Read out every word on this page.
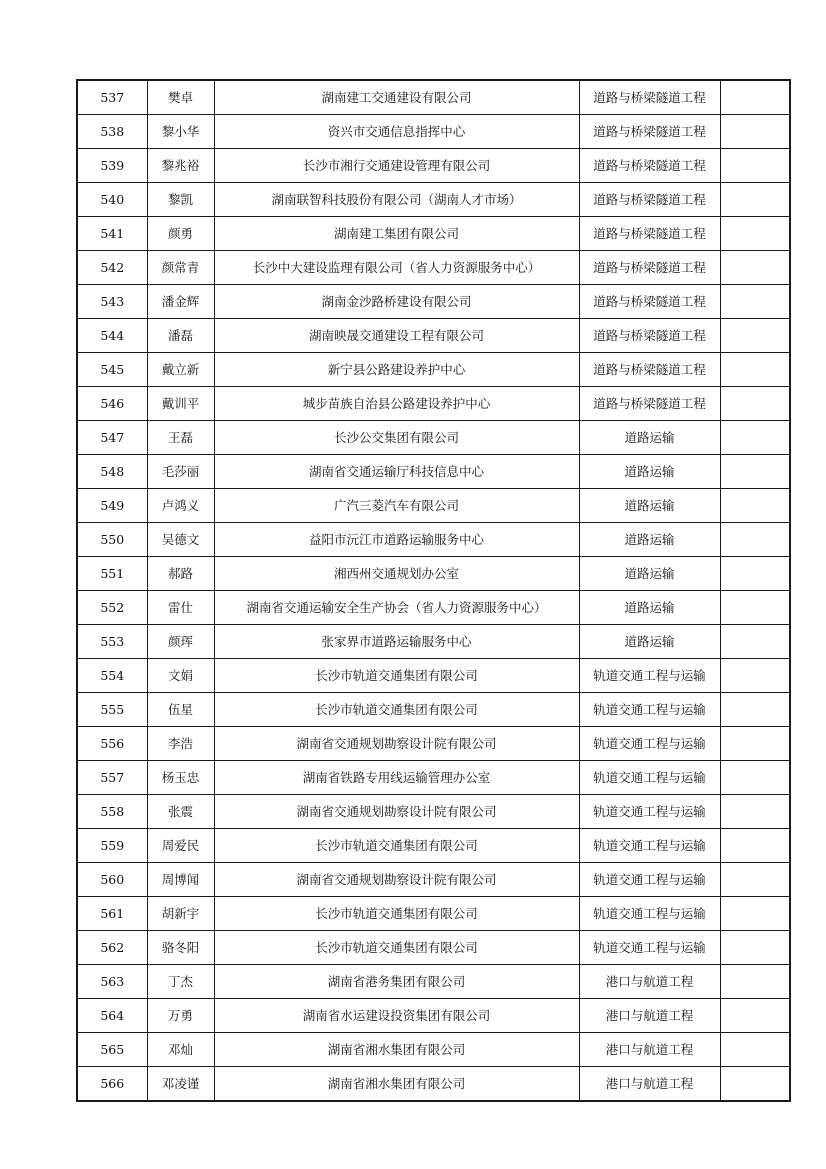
537	樊卓	湖南建工交通建设有限公司	道路与桥梁隧道工程	
538	黎小华	资兴市交通信息指挥中心	道路与桥梁隧道工程	
539	黎兆裕	长沙市湘行交通建设管理有限公司	道路与桥梁隧道工程	
540	黎凯	湖南联智科技股份有限公司（湖南人才市场）	道路与桥梁隧道工程	
541	颜勇	湖南建工集团有限公司	道路与桥梁隧道工程	
542	颜常青	长沙中大建设监理有限公司（省人力资源服务中心）	道路与桥梁隧道工程	
543	潘金辉	湖南金沙路桥建设有限公司	道路与桥梁隧道工程	
544	潘磊	湖南映晟交通建设工程有限公司	道路与桥梁隧道工程	
545	戴立新	新宁县公路建设养护中心	道路与桥梁隧道工程	
546	戴训平	城步苗族自治县公路建设养护中心	道路与桥梁隧道工程	
547	王磊	长沙公交集团有限公司	道路运输	
548	毛莎丽	湖南省交通运输厅科技信息中心	道路运输	
549	卢鸿义	广汽三菱汽车有限公司	道路运输	
550	吴德文	益阳市沅江市道路运输服务中心	道路运输	
551	郝路	湘西州交通规划办公室	道路运输	
552	雷仕	湖南省交通运输安全生产协会（省人力资源服务中心）	道路运输	
553	颜珲	张家界市道路运输服务中心	道路运输	
554	文娟	长沙市轨道交通集团有限公司	轨道交通工程与运输	
555	伍星	长沙市轨道交通集团有限公司	轨道交通工程与运输	
556	李浩	湖南省交通规划勘察设计院有限公司	轨道交通工程与运输	
557	杨玉忠	湖南省铁路专用线运输管理办公室	轨道交通工程与运输	
558	张震	湖南省交通规划勘察设计院有限公司	轨道交通工程与运输	
559	周爱民	长沙市轨道交通集团有限公司	轨道交通工程与运输	
560	周博闻	湖南省交通规划勘察设计院有限公司	轨道交通工程与运输	
561	胡新宇	长沙市轨道交通集团有限公司	轨道交通工程与运输	
562	骆冬阳	长沙市轨道交通集团有限公司	轨道交通工程与运输	
563	丁杰	湖南省港务集团有限公司	港口与航道工程	
564	万勇	湖南省水运建设投资集团有限公司	港口与航道工程	
565	邓灿	湖南省湘水集团有限公司	港口与航道工程	
566	邓凌谨	湖南省湘水集团有限公司	港口与航道工程	
